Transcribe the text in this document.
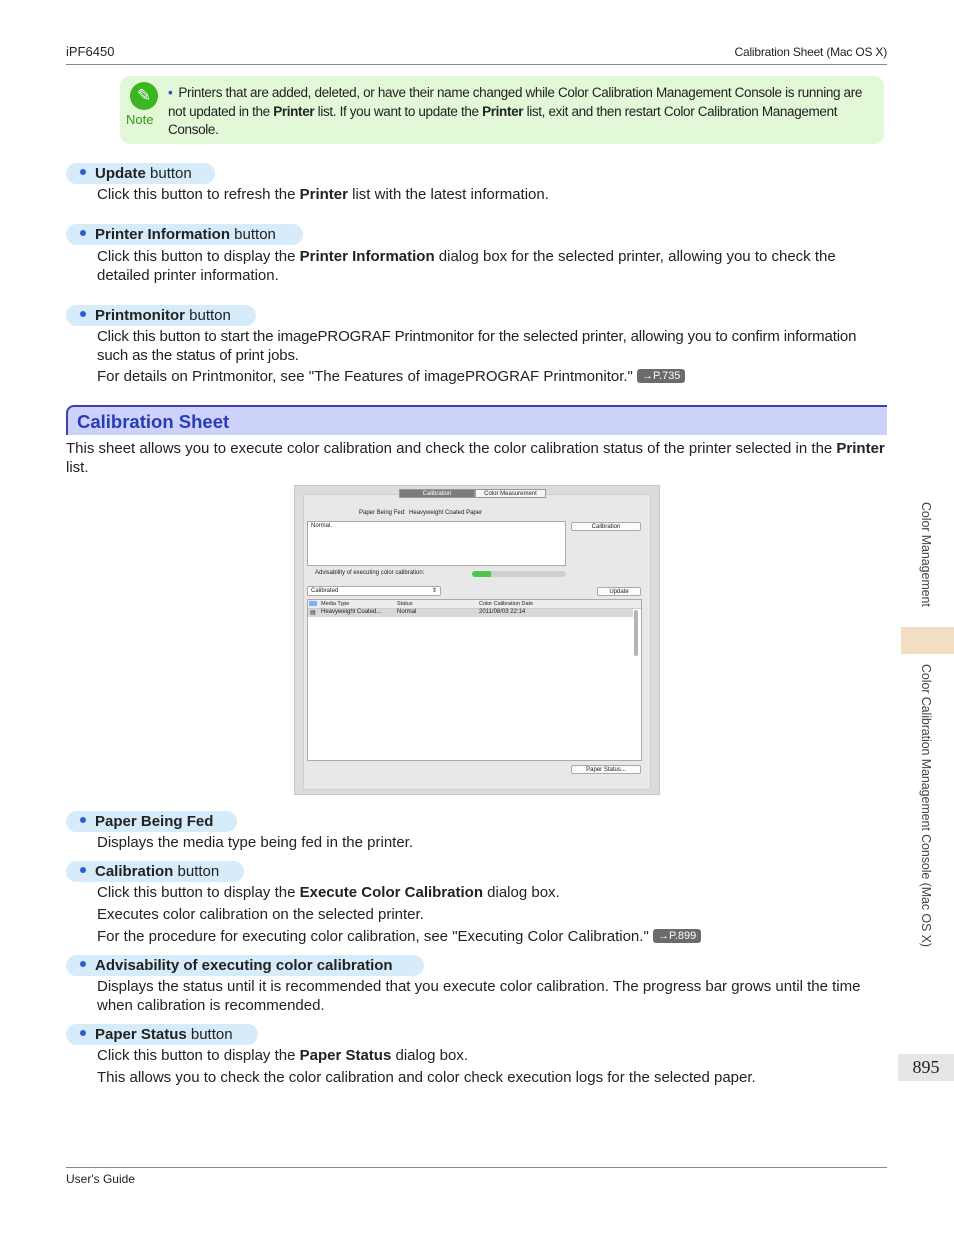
iPF6450	Calibration Sheet (Mac OS X)
✎
Note
• Printers that are added, deleted, or have their name changed while Color Calibration Management Console is running are not updated in the Printer list. If you want to update the Printer list, exit and then restart Color Calibration Management Console.
Update button
Click this button to refresh the Printer list with the latest information.
Printer Information button
Click this button to display the Printer Information dialog box for the selected printer, allowing you to check the detailed printer information.
Printmonitor button
Click this button to start the imagePROGRAF Printmonitor for the selected printer, allowing you to confirm information such as the status of print jobs.
For details on Printmonitor, see "The Features of imagePROGRAF Printmonitor." →P.735
Calibration Sheet
This sheet allows you to execute color calibration and check the color calibration status of the printer selected in the Printer list.
Calibration	Color Measurement
Paper Being Fed: Heavyweight Coated Paper
Normal.	Calibration
Advisability of executing color calibration:
Calibrated	⇕	Update
Media Type	Status	Color Calibration Date
▤ Heavyweight Coated...	Normal	2011/08/03 22:14
Paper Status...
Paper Being Fed
Displays the media type being fed in the printer.
Calibration button
Click this button to display the Execute Color Calibration dialog box.
Executes color calibration on the selected printer.
For the procedure for executing color calibration, see "Executing Color Calibration." →P.899
Advisability of executing color calibration
Displays the status until it is recommended that you execute color calibration. The progress bar grows until the time when calibration is recommended.
Paper Status button
Click this button to display the Paper Status dialog box.
This allows you to check the color calibration and color check execution logs for the selected paper.
Color Management
Color Calibration Management Console (Mac OS X)
895
User's Guide
